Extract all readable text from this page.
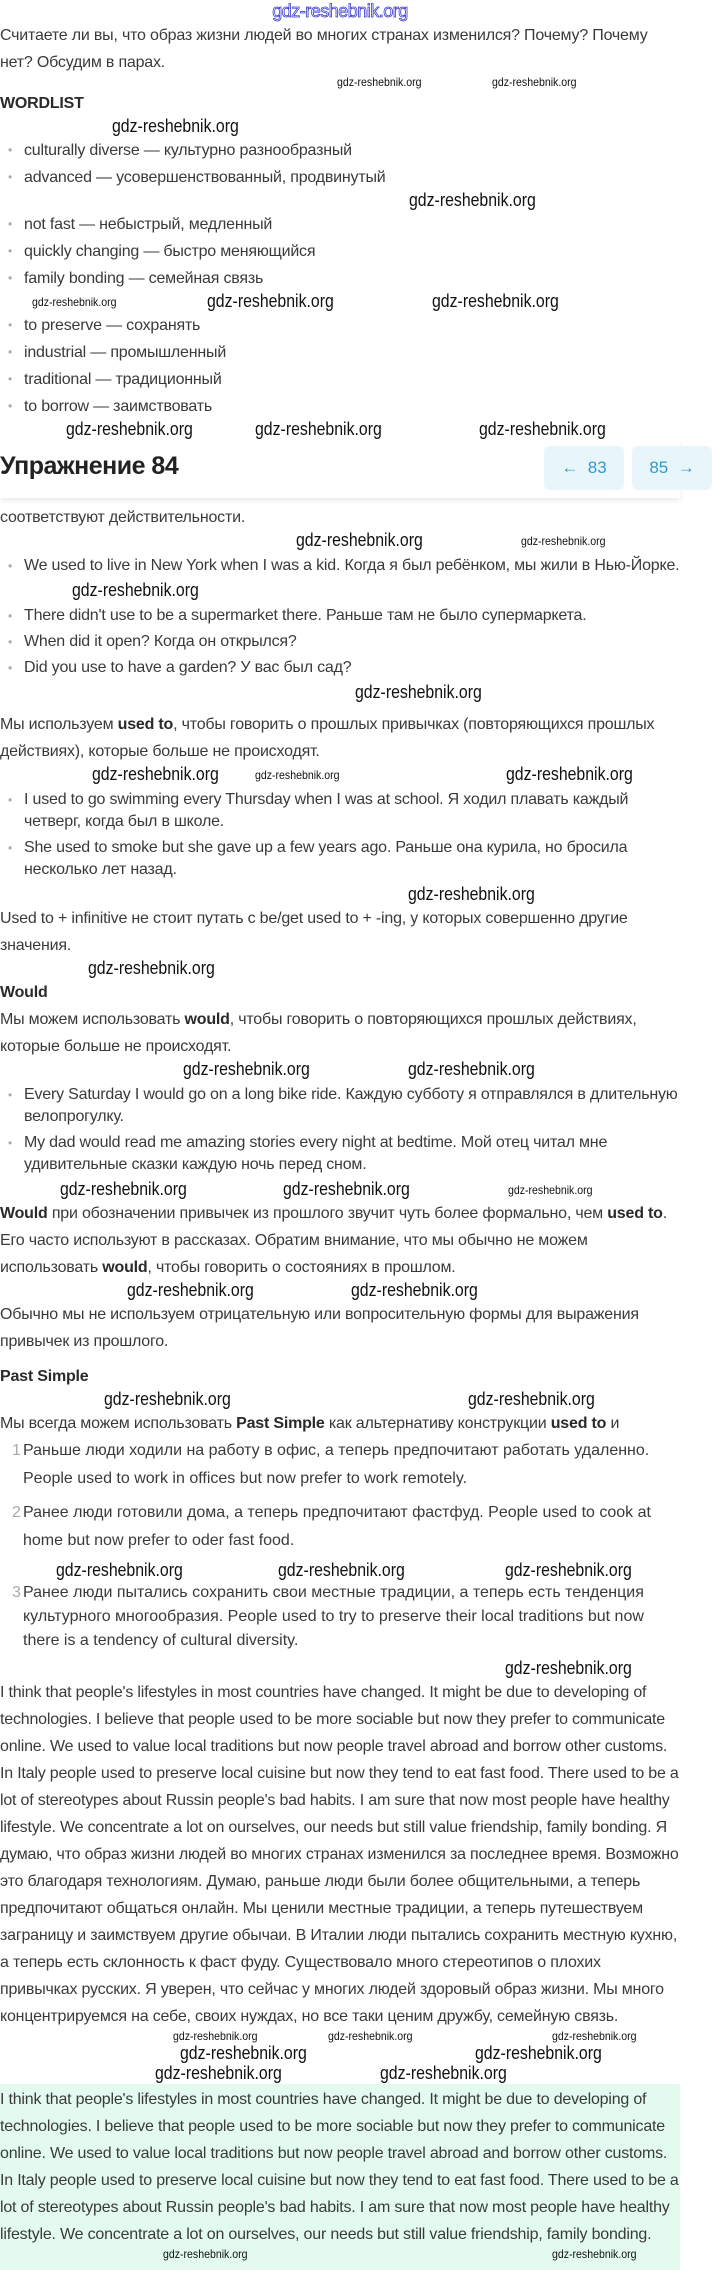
gdz-reshebnik.org
Считаете ли вы, что образ жизни людей во многих странах изменился? Почему? Почему нет? Обсудим в парах.
gdz-reshebnik.org	gdz-reshebnik.org
WORDLIST
gdz-reshebnik.org
• culturally diverse — культурно разнообразный
• advanced — усовершенствованный, продвинутый
gdz-reshebnik.org
• not fast — небыстрый, медленный
• quickly changing — быстро меняющийся
• family bonding — семейная связь
gdz-reshebnik.org	gdz-reshebnik.org	gdz-reshebnik.org
• to preserve — сохранять
• industrial — промышленный
• traditional — традиционный
• to borrow — заимствовать
gdz-reshebnik.org	gdz-reshebnik.org	gdz-reshebnik.org
Упражнение 84	← 83	85 →
соответствуют действительности.
gdz-reshebnik.org	gdz-reshebnik.org
• We used to live in New York when I was a kid. Когда я был ребёнком, мы жили в Нью-Йорке.
gdz-reshebnik.org
• There didn't use to be a supermarket there. Раньше там не было супермаркета.
• When did it open? Когда он открылся?
• Did you use to have a garden? У вас был сад?
gdz-reshebnik.org
Мы используем used to, чтобы говорить о прошлых привычках (повторяющихся прошлых действиях), которые больше не происходят.
gdz-reshebnik.org	gdz-reshebnik.org	gdz-reshebnik.org
• I used to go swimming every Thursday when I was at school. Я ходил плавать каждый четверг, когда был в школе.
• She used to smoke but she gave up a few years ago. Раньше она курила, но бросила несколько лет назад.
gdz-reshebnik.org
Used to + infinitive не стоит путать с be/get used to + -ing, у которых совершенно другие значения.
gdz-reshebnik.org
Would
Мы можем использовать would, чтобы говорить о повторяющихся прошлых действиях, которые больше не происходят.
gdz-reshebnik.org	gdz-reshebnik.org
• Every Saturday I would go on a long bike ride. Каждую субботу я отправлялся в длительную велопрогулку.
• My dad would read me amazing stories every night at bedtime. Мой отец читал мне удивительные сказки каждую ночь перед сном.
gdz-reshebnik.org	gdz-reshebnik.org	gdz-reshebnik.org
Would при обозначении привычек из прошлого звучит чуть более формально, чем used to. Его часто используют в рассказах. Обратим внимание, что мы обычно не можем использовать would, чтобы говорить о состояниях в прошлом.
gdz-reshebnik.org	gdz-reshebnik.org
Обычно мы не используем отрицательную или вопросительную формы для выражения привычек из прошлого.
Past Simple
gdz-reshebnik.org	gdz-reshebnik.org
Мы всегда можем использовать Past Simple как альтернативу конструкции used to и
1 Раньше люди ходили на работу в офис, а теперь предпочитают работать удаленно. People used to work in offices but now prefer to work remotely.
2 Ранее люди готовили дома, а теперь предпочитают фастфуд. People used to cook at home but now prefer to oder fast food.
gdz-reshebnik.org	gdz-reshebnik.org	gdz-reshebnik.org
3 Ранее люди пытались сохранить свои местные традиции, а теперь есть тенденция культурного многообразия. People used to try to preserve their local traditions but now there is a tendency of cultural diversity.
gdz-reshebnik.org
I think that people's lifestyles in most countries have changed. It might be due to developing of technologies. I believe that people used to be more sociable but now they prefer to communicate online. We used to value local traditions but now people travel abroad and borrow other customs. In Italy people used to preserve local cuisine but now they tend to eat fast food. There used to be a lot of stereotypes about Russin people's bad habits. I am sure that now most people have healthy lifestyle. We concentrate a lot on ourselves, our needs but still value friendship, family bonding. Я думаю, что образ жизни людей во многих странах изменился за последнее время. Возможно это благодаря технологиям. Думаю, раньше люди были более общительными, а теперь предпочитают общаться онлайн. Мы ценили местные традиции, а теперь путешествуем заграницу и заимствуем другие обычаи. В Италии люди пытались сохранить местную кухню, а теперь есть склонность к фаст фуду. Существовало много стереотипов о плохих привычках русских. Я уверен, что сейчас у многих людей здоровый образ жизни. Мы много концентрируемся на себе, своих нуждах, но все таки ценим дружбу, семейную связь.
gdz-reshebnik.org	gdz-reshebnik.org	gdz-reshebnik.org
gdz-reshebnik.org	gdz-reshebnik.org
gdz-reshebnik.org	gdz-reshebnik.org
I think that people's lifestyles in most countries have changed. It might be due to developing of technologies. I believe that people used to be more sociable but now they prefer to communicate online. We used to value local traditions but now people travel abroad and borrow other customs. In Italy people used to preserve local cuisine but now they tend to eat fast food. There used to be a lot of stereotypes about Russin people's bad habits. I am sure that now most people have healthy lifestyle. We concentrate a lot on ourselves, our needs but still value friendship, family bonding.
gdz-reshebnik.org	gdz-reshebnik.org
